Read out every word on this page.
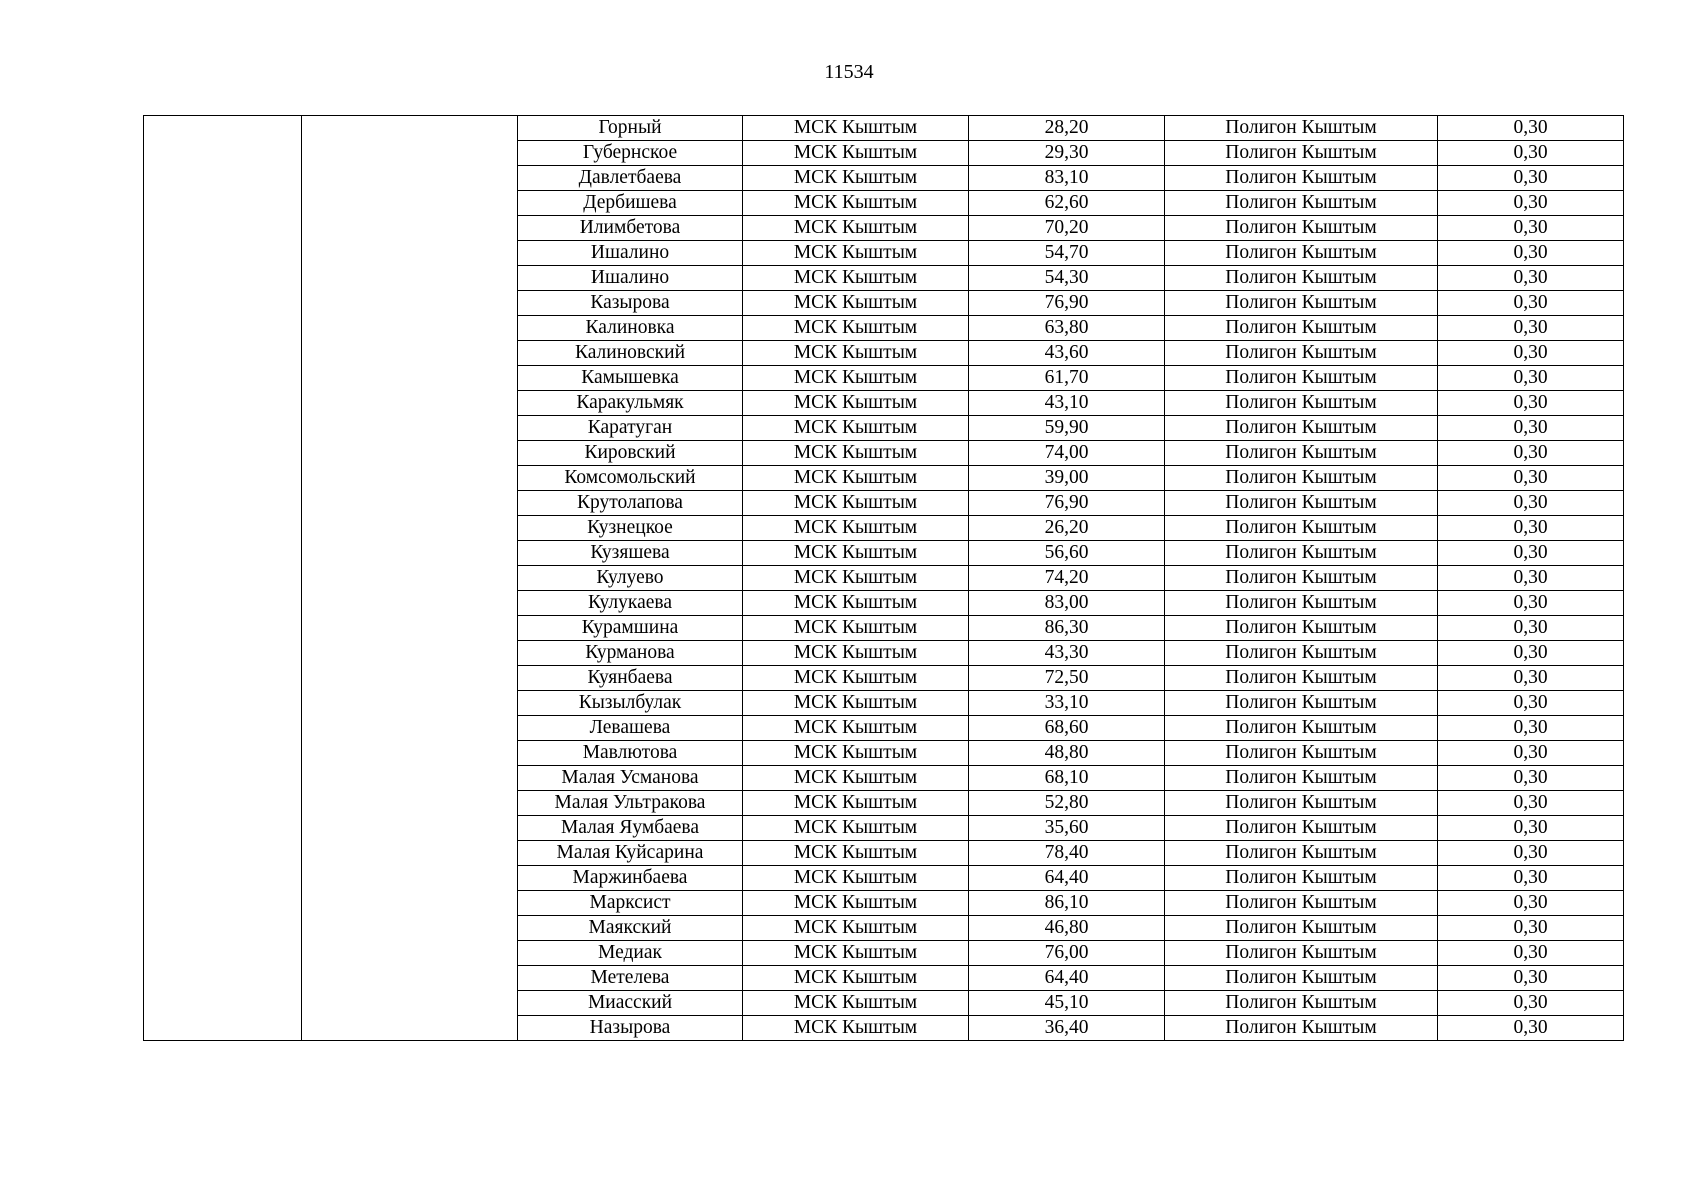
11534
		Горный	МСК Кыштым	28,20	Полигон Кыштым	0,30
		Губернское	МСК Кыштым	29,30	Полигон Кыштым	0,30
		Давлетбаева	МСК Кыштым	83,10	Полигон Кыштым	0,30
		Дербишева	МСК Кыштым	62,60	Полигон Кыштым	0,30
		Илимбетова	МСК Кыштым	70,20	Полигон Кыштым	0,30
		Ишалино	МСК Кыштым	54,70	Полигон Кыштым	0,30
		Ишалино	МСК Кыштым	54,30	Полигон Кыштым	0,30
		Казырова	МСК Кыштым	76,90	Полигон Кыштым	0,30
		Калиновка	МСК Кыштым	63,80	Полигон Кыштым	0,30
		Калиновский	МСК Кыштым	43,60	Полигон Кыштым	0,30
		Камышевка	МСК Кыштым	61,70	Полигон Кыштым	0,30
		Каракульмяк	МСК Кыштым	43,10	Полигон Кыштым	0,30
		Каратуган	МСК Кыштым	59,90	Полигон Кыштым	0,30
		Кировский	МСК Кыштым	74,00	Полигон Кыштым	0,30
		Комсомольский	МСК Кыштым	39,00	Полигон Кыштым	0,30
		Крутолапова	МСК Кыштым	76,90	Полигон Кыштым	0,30
		Кузнецкое	МСК Кыштым	26,20	Полигон Кыштым	0,30
		Кузяшева	МСК Кыштым	56,60	Полигон Кыштым	0,30
		Кулуево	МСК Кыштым	74,20	Полигон Кыштым	0,30
		Кулукаева	МСК Кыштым	83,00	Полигон Кыштым	0,30
		Курамшина	МСК Кыштым	86,30	Полигон Кыштым	0,30
		Курманова	МСК Кыштым	43,30	Полигон Кыштым	0,30
		Куянбаева	МСК Кыштым	72,50	Полигон Кыштым	0,30
		Кызылбулак	МСК Кыштым	33,10	Полигон Кыштым	0,30
		Левашева	МСК Кыштым	68,60	Полигон Кыштым	0,30
		Мавлютова	МСК Кыштым	48,80	Полигон Кыштым	0,30
		Малая Усманова	МСК Кыштым	68,10	Полигон Кыштым	0,30
		Малая Ультракова	МСК Кыштым	52,80	Полигон Кыштым	0,30
		Малая Яумбаева	МСК Кыштым	35,60	Полигон Кыштым	0,30
		Малая Куйсарина	МСК Кыштым	78,40	Полигон Кыштым	0,30
		Маржинбаева	МСК Кыштым	64,40	Полигон Кыштым	0,30
		Марксист	МСК Кыштым	86,10	Полигон Кыштым	0,30
		Маякский	МСК Кыштым	46,80	Полигон Кыштым	0,30
		Медиак	МСК Кыштым	76,00	Полигон Кыштым	0,30
		Метелева	МСК Кыштым	64,40	Полигон Кыштым	0,30
		Миасский	МСК Кыштым	45,10	Полигон Кыштым	0,30
		Назырова	МСК Кыштым	36,40	Полигон Кыштым	0,30
